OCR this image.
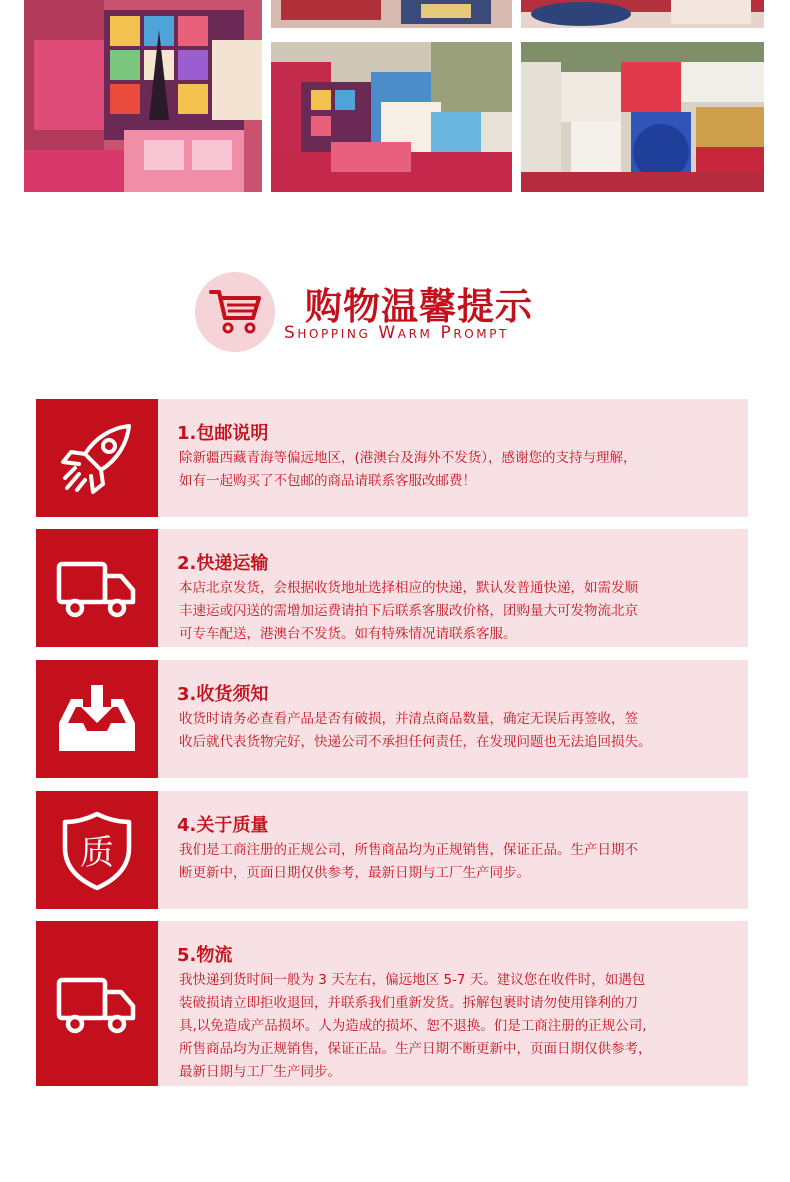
购物温馨提示
Shopping Warm Prompt
1.包邮说明

除新疆西藏青海等偏远地区，(港澳台及海外不发货），感谢您的支持与理解，

如有一起购买了不包邮的商品请联系客服改邮费！

2.快递运输

本店北京发货，会根据收货地址选择相应的快递，默认发普通快递，如需发顺

丰速运或闪送的需增加运费请拍下后联系客服改价格，团购量大可发物流北京

可专车配送，港澳台不发货。如有特殊情况请联系客服。

3.收货须知

收货时请务必查看产品是否有破损，并清点商品数量，确定无误后再签收，签

收后就代表货物完好，快递公司不承担任何责任，在发现问题也无法追回损失。

质
4.关于质量

我们是工商注册的正规公司，所售商品均为正规销售，保证正品。生产日期不

断更新中，页面日期仅供参考，最新日期与工厂生产同步。

5.物流

我快递到货时间一般为 3 天左右，偏远地区 5-7 天。建议您在收件时，如遇包

装破损请立即拒收退回，并联系我们重新发货。拆解包裹时请勿使用锋利的刀

具,以免造成产品损坏。人为造成的损坏、恕不退换。们是工商注册的正规公司,

所售商品均为正规销售，保证正品。生产日期不断更新中，页面日期仅供参考，

最新日期与工厂生产同步。
